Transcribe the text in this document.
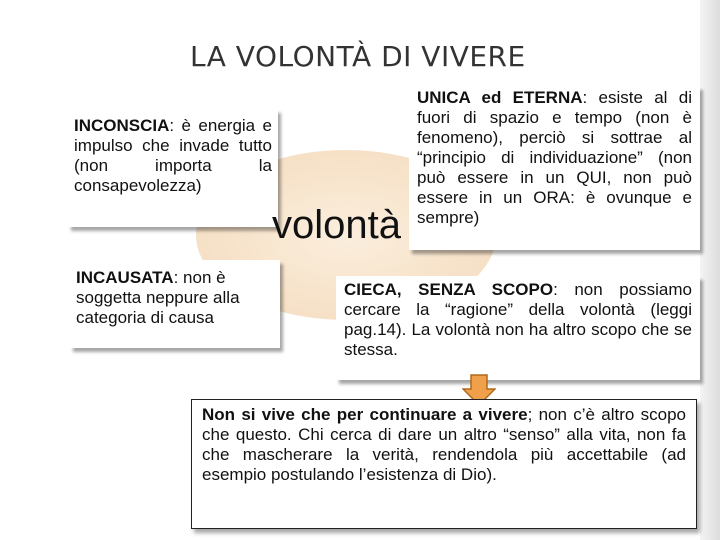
LA VOLONTÀ DI VIVERE
INCONSCIA: è energia e impulso che invade tutto (non importa la consapevolezza)
INCAUSATA: non è soggetta neppure alla categoria di causa
volontà
UNICA ed ETERNA: esiste al di fuori di spazio e tempo (non è fenomeno), perciò si sottrae al “principio di individuazione” (non può essere in un QUI, non può essere in un ORA: è ovunque e sempre)
CIECA, SENZA SCOPO: non possiamo cercare la “ragione” della volontà (leggi pag.14). La volontà non ha altro scopo che se stessa.
Non si vive che per continuare a vivere; non c’è altro scopo che questo. Chi cerca di dare un altro “senso” alla vita, non fa che mascherare la verità, rendendola più accettabile (ad esempio postulando l’esistenza di Dio).
